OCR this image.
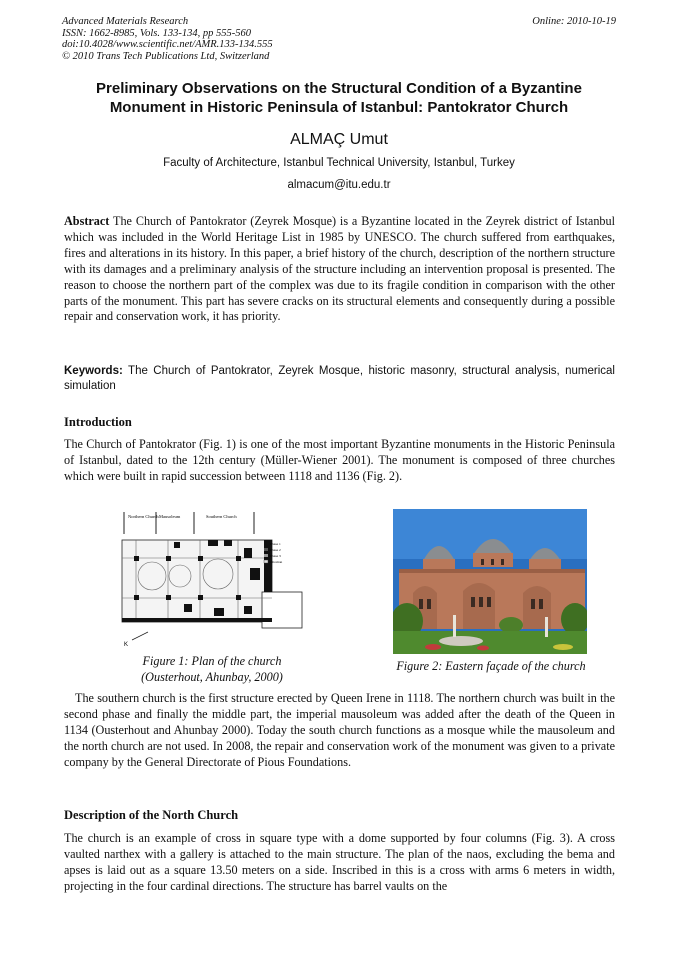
Advanced Materials Research
ISSN: 1662-8985, Vols. 133-134, pp 555-560
doi:10.4028/www.scientific.net/AMR.133-134.555
© 2010 Trans Tech Publications Ltd, Switzerland
Online: 2010-10-19
Preliminary Observations on the Structural Condition of a Byzantine Monument in Historic Peninsula of Istanbul: Pantokrator Church
ALMAÇ Umut
Faculty of Architecture, Istanbul Technical University, Istanbul, Turkey
almacum@itu.edu.tr
Abstract The Church of Pantokrator (Zeyrek Mosque) is a Byzantine located in the Zeyrek district of Istanbul which was included in the World Heritage List in 1985 by UNESCO. The church suffered from earthquakes, fires and alterations in its history. In this paper, a brief history of the church, description of the northern structure with its damages and a preliminary analysis of the structure including an intervention proposal is presented. The reason to choose the northern part of the complex was due to its fragile condition in comparison with the other parts of the monument. This part has severe cracks on its structural elements and consequently during a possible repair and conservation work, it has priority.
Keywords: The Church of Pantokrator, Zeyrek Mosque, historic masonry, structural analysis, numerical simulation
Introduction
The Church of Pantokrator (Fig. 1) is one of the most important Byzantine monuments in the Historic Peninsula of Istanbul, dated to the 12th century (Müller-Wiener 2001). The monument is composed of three churches which were built in rapid succession between 1118 and 1136 (Fig. 2).
Northern Church Mausoleum	Southern Church
Phase 1
Phase 2
Phase 3
Ottoman
K
Figure 1: Plan of the church (Ousterhout, Ahunbay, 2000)
Figure 2: Eastern façade of the church
The southern church is the first structure erected by Queen Irene in 1118. The northern church was built in the second phase and finally the middle part, the imperial mausoleum was added after the death of the Queen in 1134 (Ousterhout and Ahunbay 2000). Today the south church functions as a mosque while the mausoleum and the north church are not used. In 2008, the repair and conservation work of the monument was given to a private company by the General Directorate of Pious Foundations.
Description of the North Church
The church is an example of cross in square type with a dome supported by four columns (Fig. 3). A cross vaulted narthex with a gallery is attached to the main structure. The plan of the naos, excluding the bema and apses is laid out as a square 13.50 meters on a side. Inscribed in this is a cross with arms 6 meters in width, projecting in the four cardinal directions. The structure has barrel vaults on the
